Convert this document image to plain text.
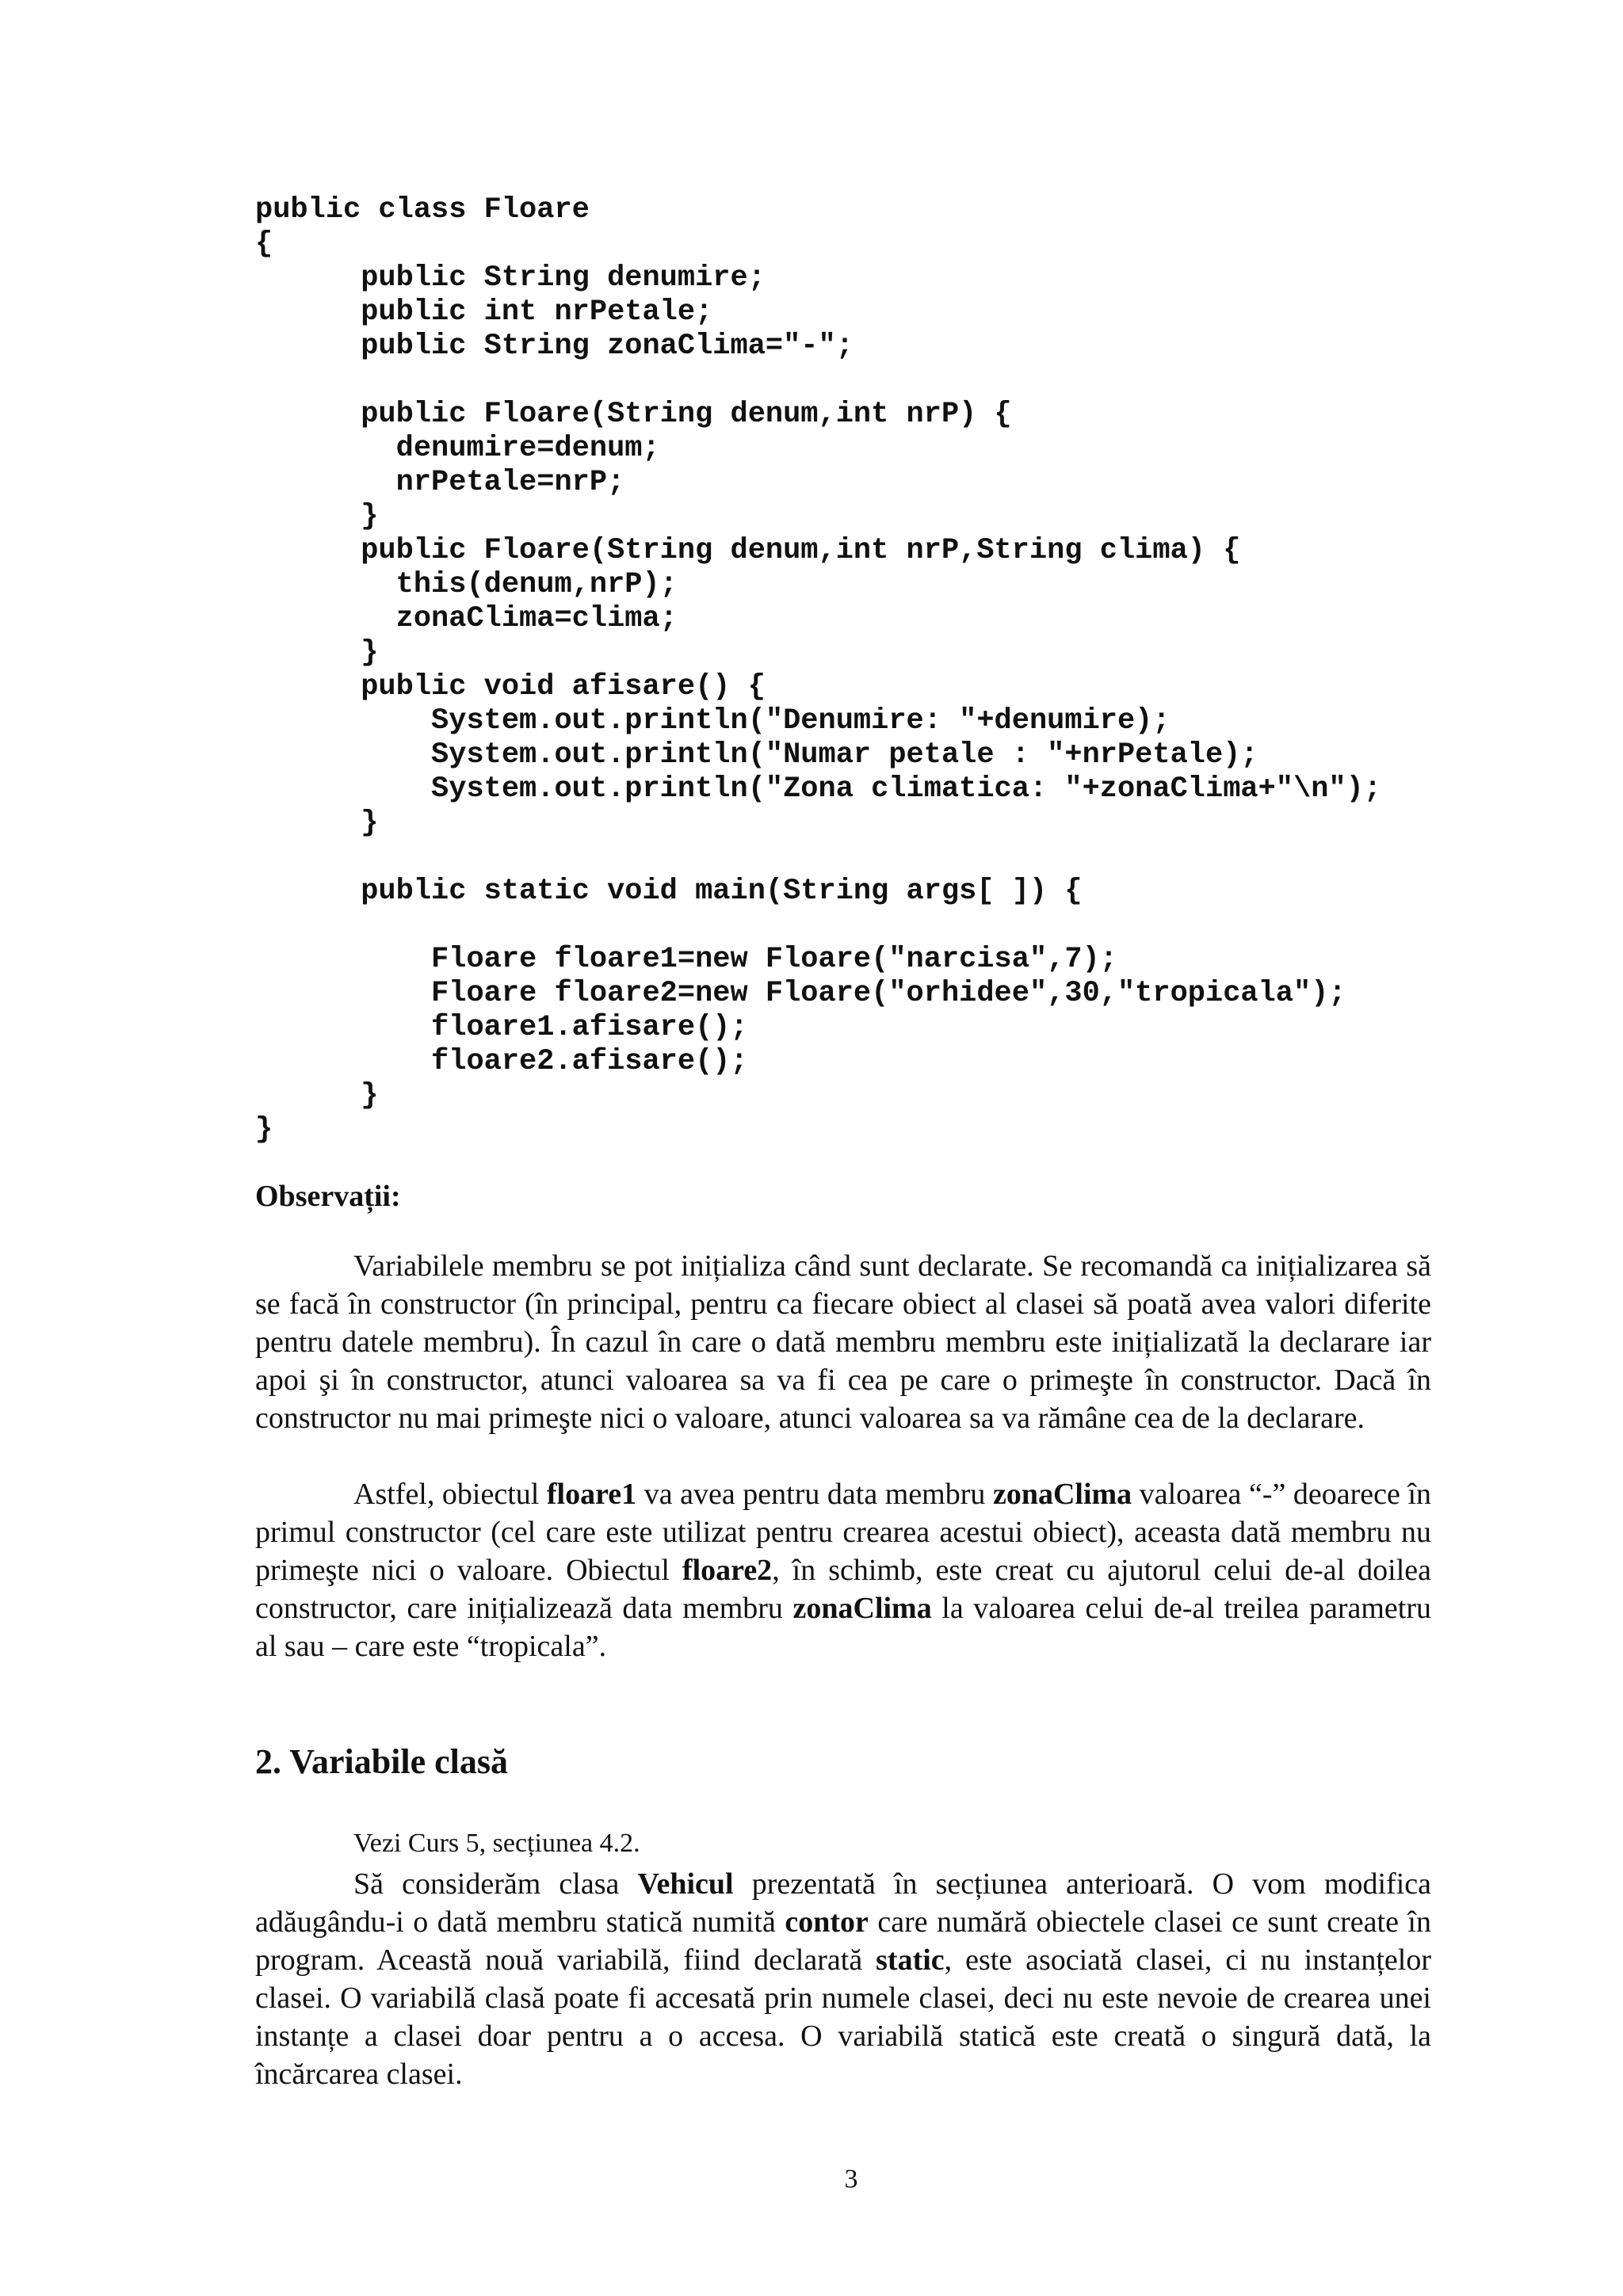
public class Floare
{
public String denumire;
public int nrPetale;
public String zonaClima="-";
public Floare(String denum,int nrP) {
denumire=denum;
nrPetale=nrP;
}
public Floare(String denum,int nrP,String clima) {
this(denum,nrP);
zonaClima=clima;
}
public void afisare() {
System.out.println("Denumire: "+denumire);
System.out.println("Numar petale : "+nrPetale);
System.out.println("Zona climatica: "+zonaClima+"\n");
}
public static void main(String args[ ]) {
Floare floare1=new Floare("narcisa",7);
Floare floare2=new Floare("orhidee",30,"tropicala");
floare1.afisare();
floare2.afisare();
}
}

Observații:

Variabilele membru se pot inițializa când sunt declarate. Se recomandă ca inițializarea să se facă în constructor (în principal, pentru ca fiecare obiect al clasei să poată avea valori diferite pentru datele membru). În cazul în care o dată membru membru este inițializată la declarare iar apoi şi în constructor, atunci valoarea sa va fi cea pe care o primeşte în constructor. Dacă în constructor nu mai primeşte nici o valoare, atunci valoarea sa va rămâne cea de la declarare.

Astfel, obiectul floare1 va avea pentru data membru zonaClima valoarea “-” deoarece în primul constructor (cel care este utilizat pentru crearea acestui obiect), aceasta dată membru nu primeşte nici o valoare. Obiectul floare2, în schimb, este creat cu ajutorul celui de-al doilea constructor, care inițializează data membru zonaClima la valoarea celui de-al treilea parametru al sau – care este “tropicala”.

2. Variabile clasă

Vezi Curs 5, secțiunea 4.2.

Să considerăm clasa Vehicul prezentată în secțiunea anterioară. O vom modifica adăugându-i o dată membru statică numită contor care numără obiectele clasei ce sunt create în program. Această nouă variabilă, fiind declarată static, este asociată clasei, ci nu instanțelor clasei. O variabilă clasă poate fi accesată prin numele clasei, deci nu este nevoie de crearea unei instanțe a clasei doar pentru a o accesa. O variabilă statică este creată o singură dată, la încărcarea clasei.

3
